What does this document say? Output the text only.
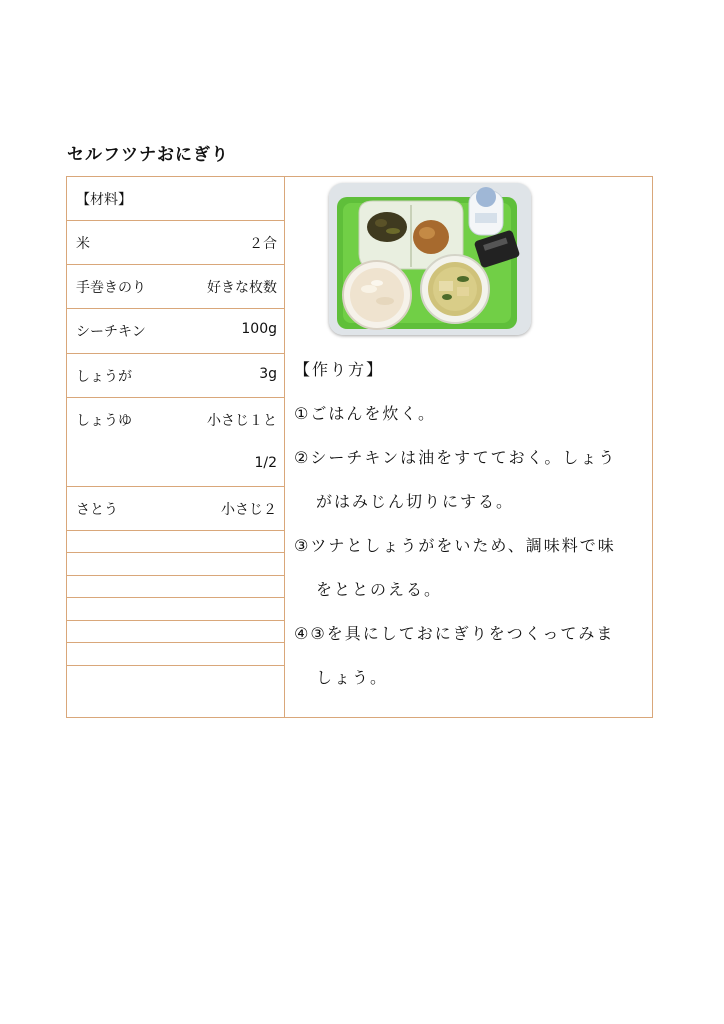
セルフツナおにぎり
【材料】
米	２合
手巻きのり	好きな枚数
シーチキン	100g
しょうが	3g
しょうゆ	小さじ１と
1/2
さとう	小さじ２
【作り方】
①ごはんを炊く。
②シーチキンは油をすてておく。しょう
がはみじん切りにする。
③ツナとしょうがをいため、調味料で味
をととのえる。
④③を具にしておにぎりをつくってみま
しょう。
